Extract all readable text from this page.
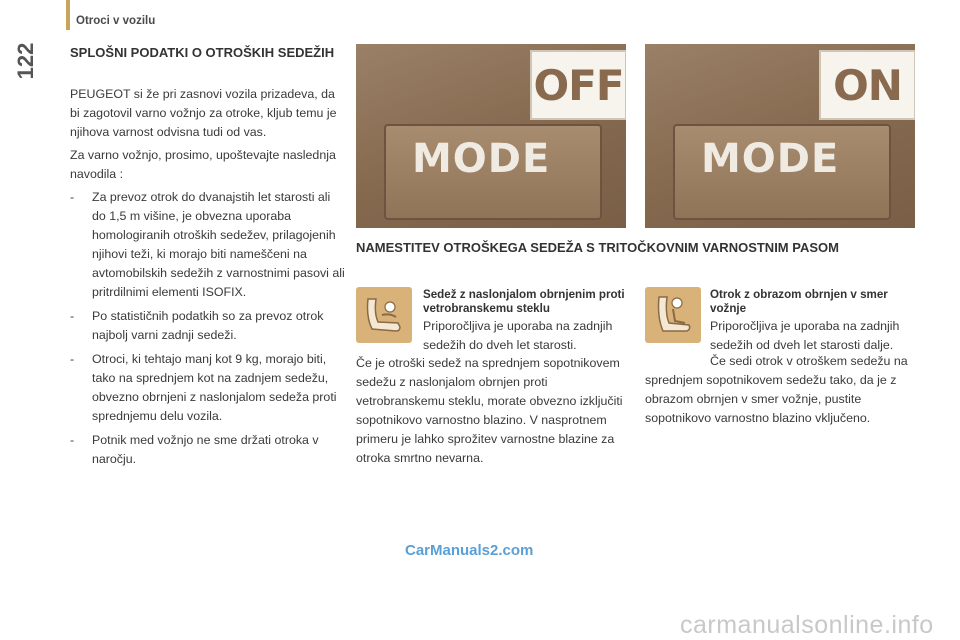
Otroci v vozilu
122 SPLOŠNI PODATKI O OTROŠKIH SEDEŽIH

PEUGEOT si že pri zasnovi vozila prizadeva, da bi zagotovil varno vožnjo za otroke, kljub temu je njihova varnost odvisna tudi od vas.

Za varno vožnjo, prosimo, upoštevajte naslednja navodila :

- Za prevoz otrok do dvanajstih let starosti ali do 1,5 m višine, je obvezna uporaba homologiranih otroških sedežev, prilagojenih njihovi teži, ki morajo biti nameščeni na avtomobilskih sedežih z varnostnimi pasovi ali pritrdilnimi elementi ISOFIX.
- Po statističnih podatkih so za prevoz otrok najbolj varni zadnji sedeži.
- Otroci, ki tehtajo manj kot 9 kg, morajo biti, tako na sprednjem kot na zadnjem sedežu, obvezno obrnjeni z naslonjalom sedeža proti sprednjemu delu vozila.
- Potnik med vožnjo ne sme držati otroka v naročju.
OFF
MODE
ON
MODE
NAMESTITEV OTROŠKEGA SEDEŽA S TRITOČKOVNIM VARNOSTNIM PASOM
Sedež z naslonjalom obrnjenim proti vetrobranskemu steklu
Priporočljiva je uporaba na zadnjih sedežih do dveh let starosti.
Če je otroški sedež na sprednjem sopotnikovem sedežu z naslonjalom obrnjen proti vetrobranskemu steklu, morate obvezno izključiti sopotnikovo varnostno blazino. V nasprotnem primeru je lahko sprožitev varnostne blazine za otroka smrtno nevarna.
Otrok z obrazom obrnjen v smer vožnje
Priporočljiva je uporaba na zadnjih sedežih od dveh let starosti dalje.
Če sedi otrok v otroškem sedežu na sprednjem sopotnikovem sedežu tako, da je z obrazom obrnjen v smer vožnje, pustite sopotnikovo varnostno blazino vključeno.
CarManuals2.com
carmanualsonline.info
